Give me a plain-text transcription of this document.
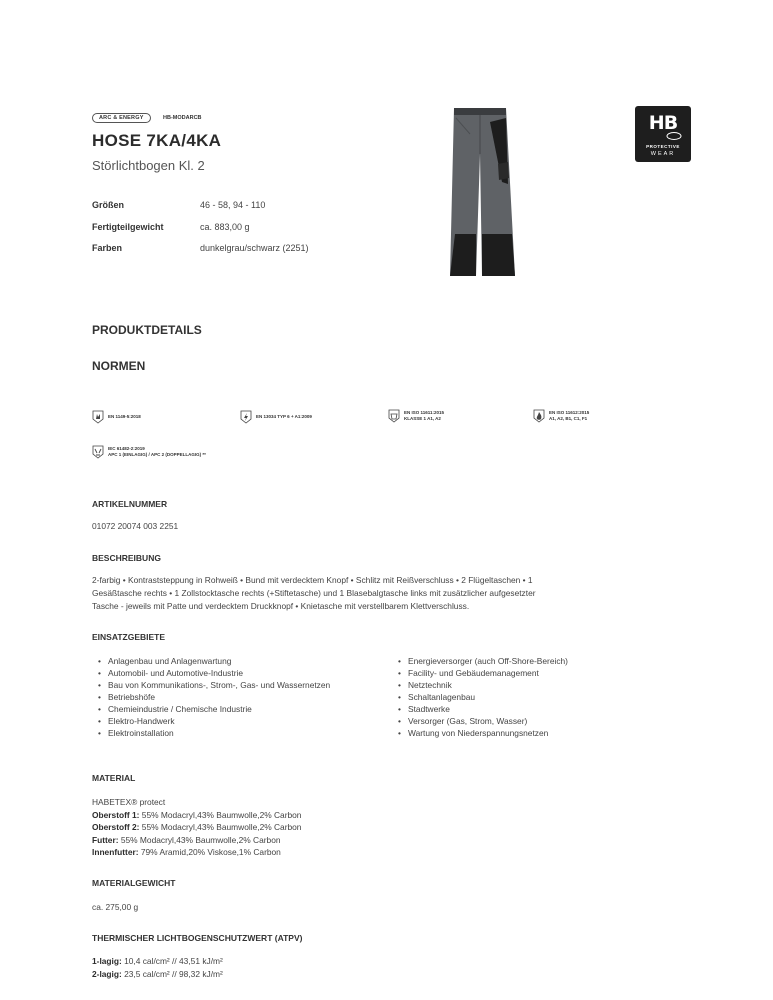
ARC & ENERGY	HB-MODARCB
HOSE 7KA/4KA
Störlichtbogen Kl. 2
Größen	46 - 58, 94 - 110
Fertigteilgewicht	ca. 883,00 g
Farben	dunkelgrau/schwarz (2251)
HB
PROTECTIVE
WEAR
PRODUKTDETAILS
NORMEN
EN 1149-5:2018	EN 13034 TYP 6 + A1:2009
EN ISO 11611:2015
KLASSE 1 A1, A2
EN ISO 11612:2015
A1, A2, B1, C1, F1
IEC 61482-2:2019
APC 1 (EINLAGIG) / APC 2 (DOPPELLAGIG) **
ARTIKELNUMMER
01072 20074 003 2251
BESCHREIBUNG
2-farbig • Kontraststeppung in Rohweiß • Bund mit verdecktem Knopf • Schlitz mit Reißverschluss • 2 Flügeltaschen • 1
Gesäßtasche rechts • 1 Zollstocktasche rechts (+Stiftetasche) und 1 Blasebalgtasche links mit zusätzlicher aufgesetzter
Tasche - jeweils mit Patte und verdecktem Druckknopf • Knietasche mit verstellbarem Klettverschluss.
EINSATZGEBIETE
• Anlagenbau und Anlagenwartung
• Automobil- und Automotive-Industrie
• Bau von Kommunikations-, Strom-, Gas- und Wassernetzen
• Betriebshöfe
• Chemieindustrie / Chemische Industrie
• Elektro-Handwerk
• Elektroinstallation
• Energieversorger (auch Off-Shore-Bereich)
• Facility- und Gebäudemanagement
• Netztechnik
• Schaltanlagenbau
• Stadtwerke
• Versorger (Gas, Strom, Wasser)
• Wartung von Niederspannungsnetzen
MATERIAL
HABETEX® protect
Oberstoff 1: 55% Modacryl,43% Baumwolle,2% Carbon
Oberstoff 2: 55% Modacryl,43% Baumwolle,2% Carbon
Futter: 55% Modacryl,43% Baumwolle,2% Carbon
Innenfutter: 79% Aramid,20% Viskose,1% Carbon
MATERIALGEWICHT
ca. 275,00 g
THERMISCHER LICHTBOGENSCHUTZWERT (ATPV)
1-lagig: 10,4 cal/cm² // 43,51 kJ/m²
2-lagig: 23,5 cal/cm² // 98,32 kJ/m²
